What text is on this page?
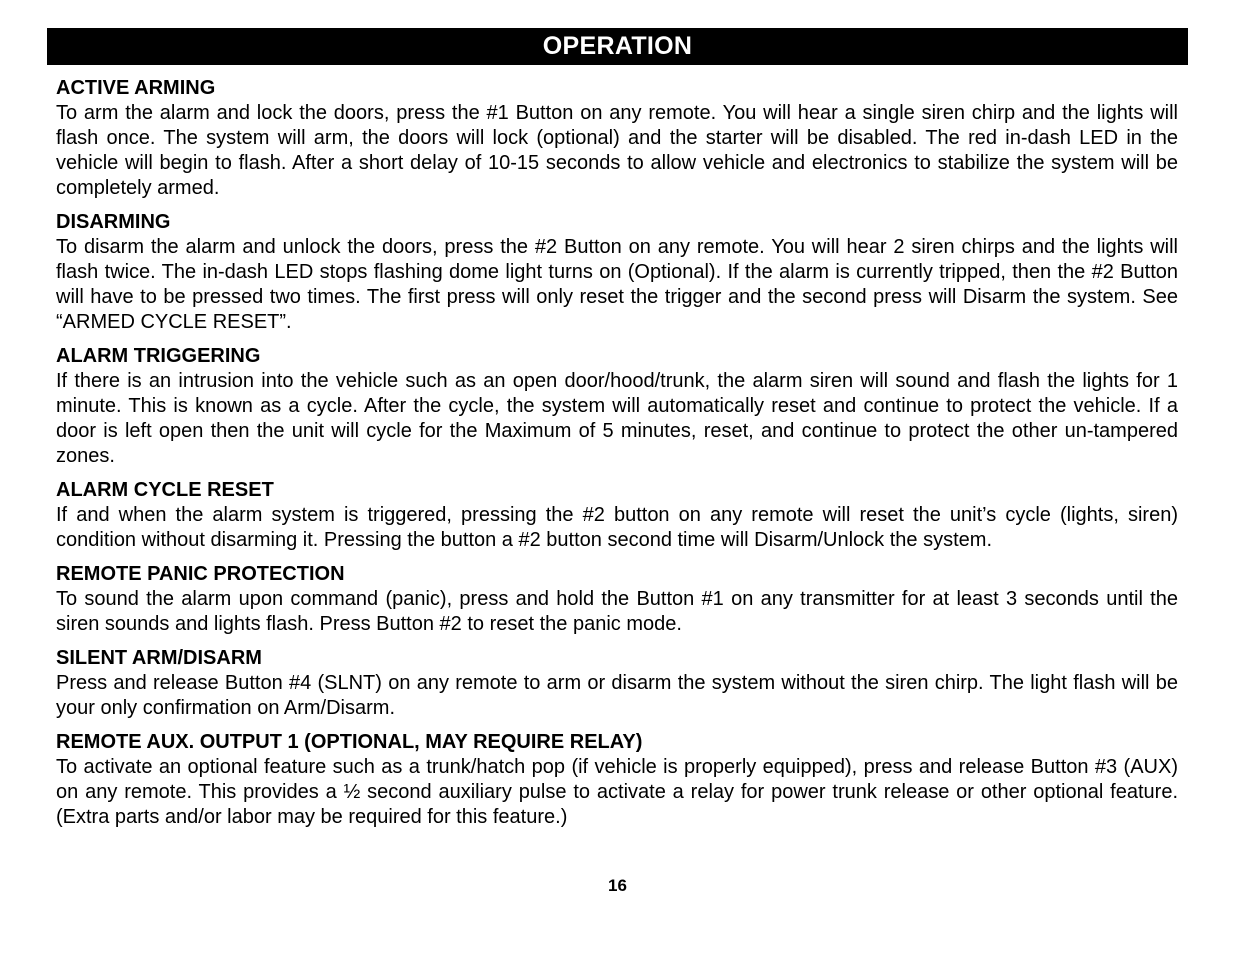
OPERATION
ACTIVE ARMING

To arm the alarm and lock the doors, press the #1 Button on any remote. You will hear a single siren chirp and the lights will flash once. The system will arm, the doors will lock (optional) and the starter will be disabled. The red in-dash LED in the vehicle will begin to flash. After a short delay of 10-15 seconds to allow vehicle and electronics to stabilize the system will be completely armed.

DISARMING

To disarm the alarm and unlock the doors, press the #2 Button on any remote. You will hear 2 siren chirps and the lights will flash twice. The in-dash LED stops flashing dome light turns on (Optional). If the alarm is currently tripped, then the #2 Button will have to be pressed two times. The first press will only reset the trigger and the second press will Disarm the system. See “ARMED CYCLE RESET”.

ALARM TRIGGERING

If there is an intrusion into the vehicle such as an open door/hood/trunk, the alarm siren will sound and flash the lights for 1 minute. This is known as a cycle. After the cycle, the system will automatically reset and continue to protect the vehicle. If a door is left open then the unit will cycle for the Maximum of 5 minutes, reset, and continue to protect the other un-tampered zones.

ALARM CYCLE RESET

If and when the alarm system is triggered, pressing the #2 button on any remote will reset the unit’s cycle (lights, siren) condition without disarming it. Pressing the button a #2 button second time will Disarm/Unlock the system.

REMOTE PANIC PROTECTION

To sound the alarm upon command (panic), press and hold the Button #1 on any transmitter for at least 3 seconds until the siren sounds and lights flash. Press Button #2 to reset the panic mode.

SILENT ARM/DISARM

Press and release Button #4 (SLNT) on any remote to arm or disarm the system without the siren chirp. The light flash will be your only confirmation on Arm/Disarm.

REMOTE AUX. OUTPUT 1 (OPTIONAL, MAY REQUIRE RELAY)

To activate an optional feature such as a trunk/hatch pop (if vehicle is properly equipped), press and release Button #3 (AUX) on any remote. This provides a ½ second auxiliary pulse to activate a relay for power trunk release or other optional feature. (Extra parts and/or labor may be required for this feature.)

16
